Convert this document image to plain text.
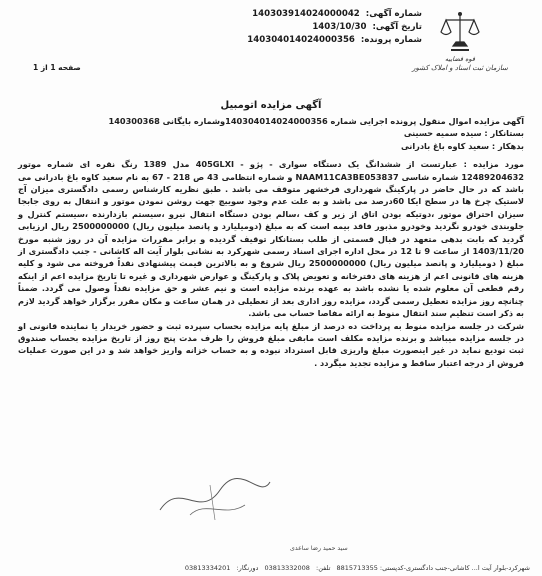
قوه قضاییه
سازمان ثبت اسناد و املاک کشور
شماره آگهی: 140303914024000042
تاریخ آگهی: 1403/10/30
شماره پرونده: 140304014024000356
صفحه 1 از 1
آگهی مزایده اتومبیل

آگهی مزایده اموال منقول پرونده اجرایی شماره 140304014024000356وشماره بایگانی 140300368

بستانکار : سیده سمیه حسینی

بدهکار : سعید کاوه باغ بادرانی

مورد مزایده : عبارتست از ششدانگ یک دستگاه سواری - پژو - 405GLXI مدل 1389 رنگ نقره ای شماره موتور 12489204632 شماره شاسی NAAM11CA3BE053837 و شماره انتظامی 43 ص 218 - 67 به نام سعید کاوه باغ بادرانی می باشد که در حال حاضر در پارکینگ شهرداری فرخشهر متوقف می باشد . طبق نظریه کارشناس رسمی دادگستری میزان آج لاستیک چرخ ها در سطح ایکا 60درصد می باشد و به علت عدم وجود سوییچ جهت روشن نمودن موتور و انتقال به روی جابجا سیزان احتراق موتور ،دوتیکه بودن اتاق از زیر و کف ،سالم بودن دستگاه انتقال نیرو ،سیستم بازدارنده ،سیستم کنترل و جلوبندی خودرو نگردید وخودرو مذبور فاقد بیمه است که به مبلغ (دومیلیارد و پانصد میلیون ریال) 2500000000 ریال ارزیابی گردید که بابت بدهی متعهد در قبال قسمتی از طلب بستانکار توقیف گردیده و برابر مقررات مزایده آن در روز شنبه مورخ 1403/11/20 از ساعت 9 تا 12 در محل اداره اجرای اسناد رسمی شهرکرد به نشانی بلوار آیت اله کاشانی - جنب دادگستری از مبلغ ( دومیلیارد و پانصد میلیون ریال) 2500000000 ریال شروع و به بالاترین قیمت پیشنهادی نقداً فروخته می شود و کلیه هزینه های قانونی اعم از هزینه های دفترخانه و تعویض پلاک و پارکینگ و عوارض شهرداری و غیره تا تاریخ مزایده اعم از اینکه رقم قطعی آن معلوم شده یا نشده باشد به عهده برنده مزایده است و نیم عشر و حق مزایده نقداً وصول می گردد. ضمناً چنانچه روز مزایده تعطیل رسمی گردد، مزایده روز اداری بعد از تعطیلی در همان ساعت و مکان مقرر برگزار خواهد گردید لازم به ذکر است تنظیم سند انتقال منوط به ارائه مفاصا حساب می باشد.

شرکت در جلسه مزایده منوط به پرداخت ده درصد از مبلغ پایه مزایده بحساب سپرده ثبت و حضور خریدار یا نماینده قانونی او در جلسه مزایده میباشد و برنده مزایده مکلف است مابقی مبلغ فروش را ظرف مدت پنج روز از تاریخ مزایده بحساب صندوق ثبت تودیع نماید در غیر اینصورت مبلغ واریزی قابل استرداد نبوده و به حساب خزانه واریز خواهد شد و در این صورت عملیات فروش از درجه اعتبار ساقط و مزایده تجدید میگردد .

سید حمید رضا ساعدی
شهرکرد-بلوار آیت ا... کاشانی-جنب دادگستری-کدپستی: 8815713355 تلفن: 03813332008 دورنگار: 03813334201
